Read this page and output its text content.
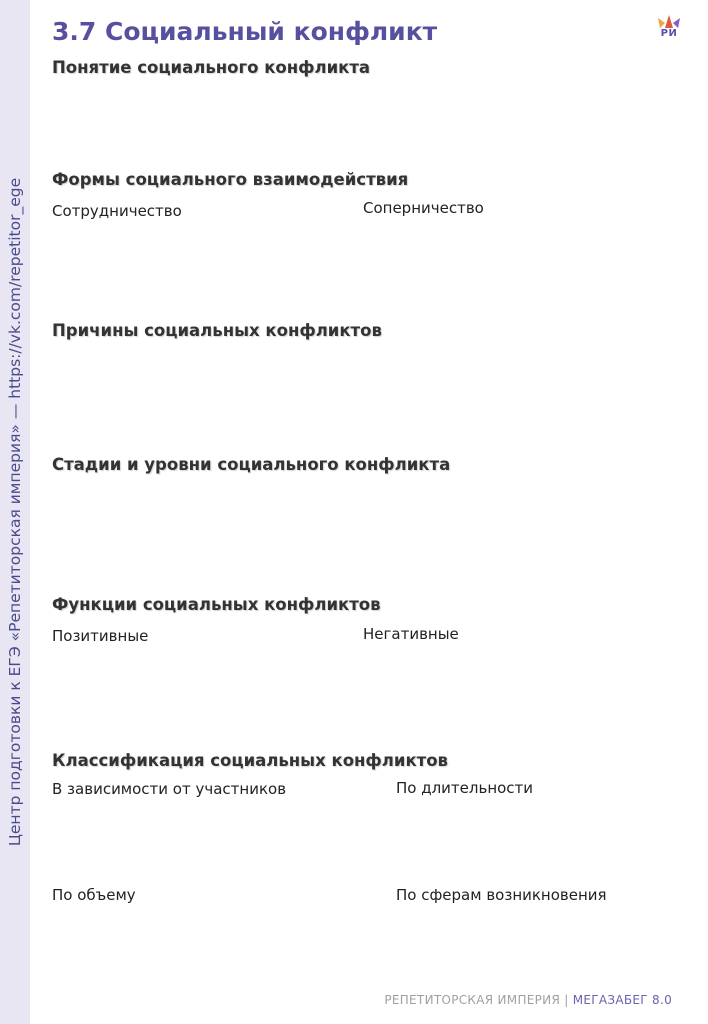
Центр подготовки к ЕГЭ «Репетиторская империя» — https://vk.com/repetitor_ege
РИ
3.7 Социальный конфликт
Понятие социального конфликта
Формы социального взаимодействия
Сотрудничество	Соперничество
Причины социальных конфликтов
Стадии и уровни социального конфликта
Функции социальных конфликтов
Позитивные	Негативные
Классификация социальных конфликтов
В зависимости от участников	По длительности
По объему	По сферам возникновения
РЕПЕТИТОРСКАЯ ИМПЕРИЯ | МЕГАЗАБЕГ 8.0
